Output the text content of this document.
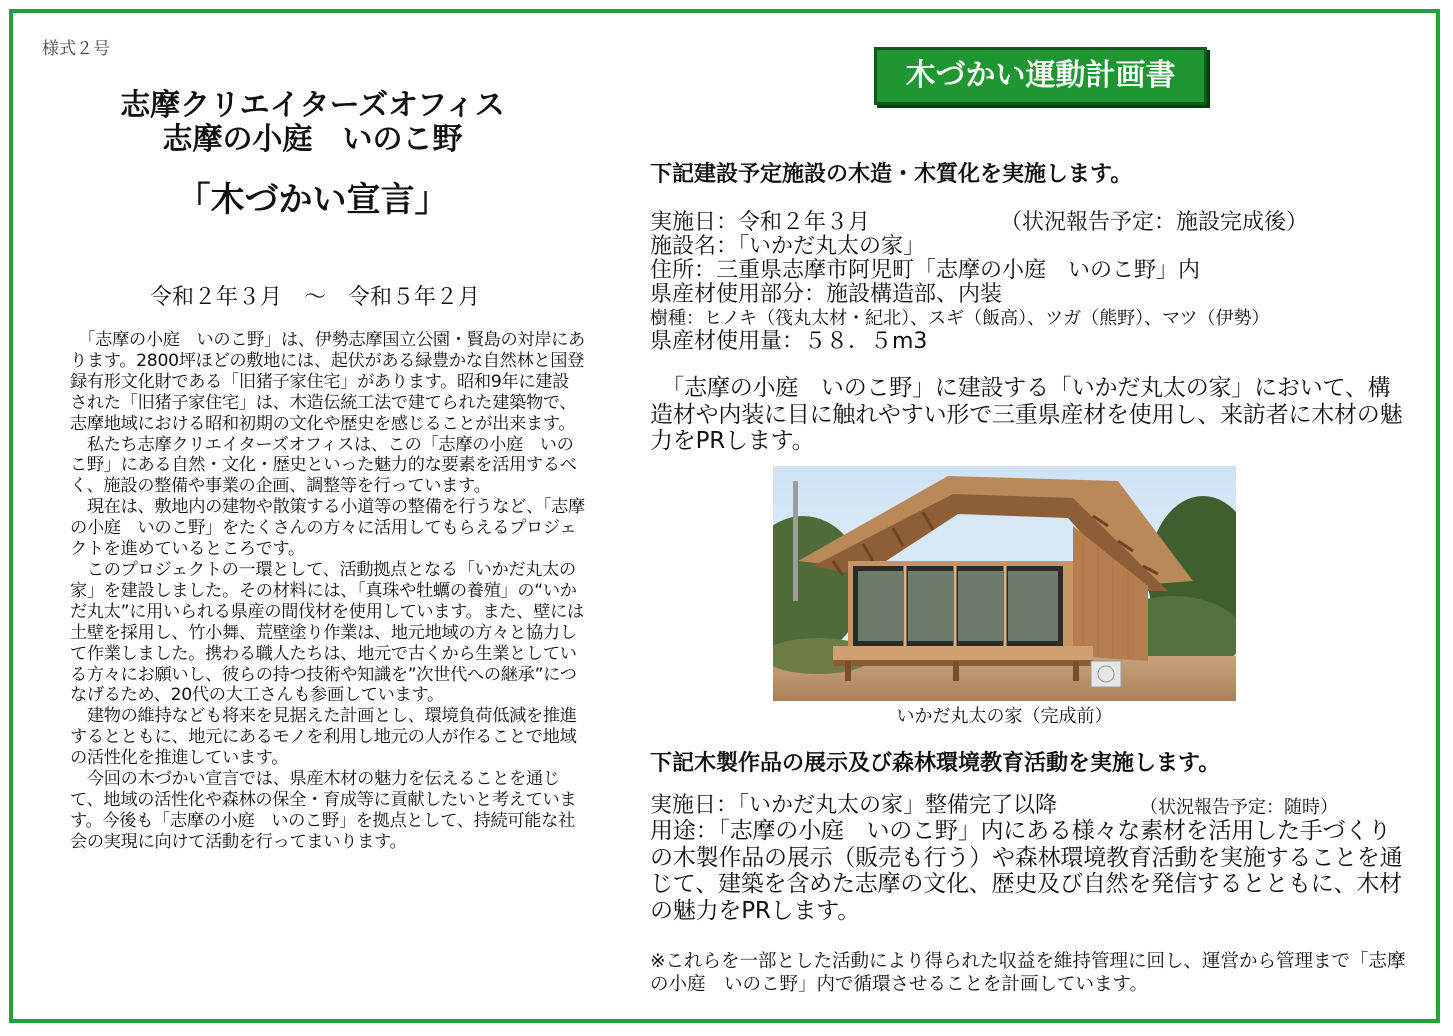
様式２号
志摩クリエイターズオフィス
志摩の小庭　いのこ野
「木づかい宣言」
令和２年３月　～　令和５年２月

　「志摩の小庭　いのこ野」は、伊勢志摩国立公園・賢島の対岸にあります。2800坪ほどの敷地には、起伏がある緑豊かな自然林と国登録有形文化財である「旧猪子家住宅」があります。昭和9年に建設された「旧猪子家住宅」は、木造伝統工法で建てられた建築物で、志摩地域における昭和初期の文化や歴史を感じることが出来ます。

　私たち志摩クリエイターズオフィスは、この「志摩の小庭　いのこ野」にある自然・文化・歴史といった魅力的な要素を活用するべく、施設の整備や事業の企画、調整等を行っています。

　現在は、敷地内の建物や散策する小道等の整備を行うなど、「志摩の小庭　いのこ野」をたくさんの方々に活用してもらえるプロジェクトを進めているところです。

　このプロジェクトの一環として、活動拠点となる「いかだ丸太の家」を建設しました。その材料には、「真珠や牡蠣の養殖」の“いかだ丸太”に用いられる県産の間伐材を使用しています。また、壁には土壁を採用し、竹小舞、荒壁塗り作業は、地元地域の方々と協力して作業しました。携わる職人たちは、地元で古くから生業としている方々にお願いし、彼らの持つ技術や知識を”次世代への継承”につなげるため、20代の大工さんも参画しています。

　建物の維持なども将来を見据えた計画とし、環境負荷低減を推進するとともに、地元にあるモノを利用し地元の人が作ることで地域の活性化を推進しています。

　今回の木づかい宣言では、県産木材の魅力を伝えることを通じて、地域の活性化や森林の保全・育成等に貢献したいと考えています。今後も「志摩の小庭　いのこ野」を拠点として、持続可能な社会の実現に向けて活動を行ってまいります。

木づかい運動計画書
下記建設予定施設の木造・木質化を実施します。
実施日：令和２年３月	（状況報告予定：施設完成後）
施設名：「いかだ丸太の家」
住所：三重県志摩市阿児町「志摩の小庭　いのこ野」内
県産材使用部分：施設構造部、内装
樹種：ヒノキ（筏丸太材・紀北）、スギ（飯高）、ツガ（熊野）、マツ（伊勢）
県産材使用量：５８．５m3

　「志摩の小庭　いのこ野」に建設する「いかだ丸太の家」において、構造材や内装に目に触れやすい形で三重県産材を使用し、来訪者に木材の魅力をPRします。

いかだ丸太の家（完成前）
下記木製作品の展示及び森林環境教育活動を実施します。
実施日：「いかだ丸太の家」整備完了以降	（状況報告予定：随時）

用途：「志摩の小庭　いのこ野」内にある様々な素材を活用した手づくりの木製作品の展示（販売も行う）や森林環境教育活動を実施することを通じて、建築を含めた志摩の文化、歴史及び自然を発信するとともに、木材の魅力をPRします。

※これらを一部とした活動により得られた収益を維持管理に回し、運営から管理まで「志摩の小庭　いのこ野」内で循環させることを計画しています。
